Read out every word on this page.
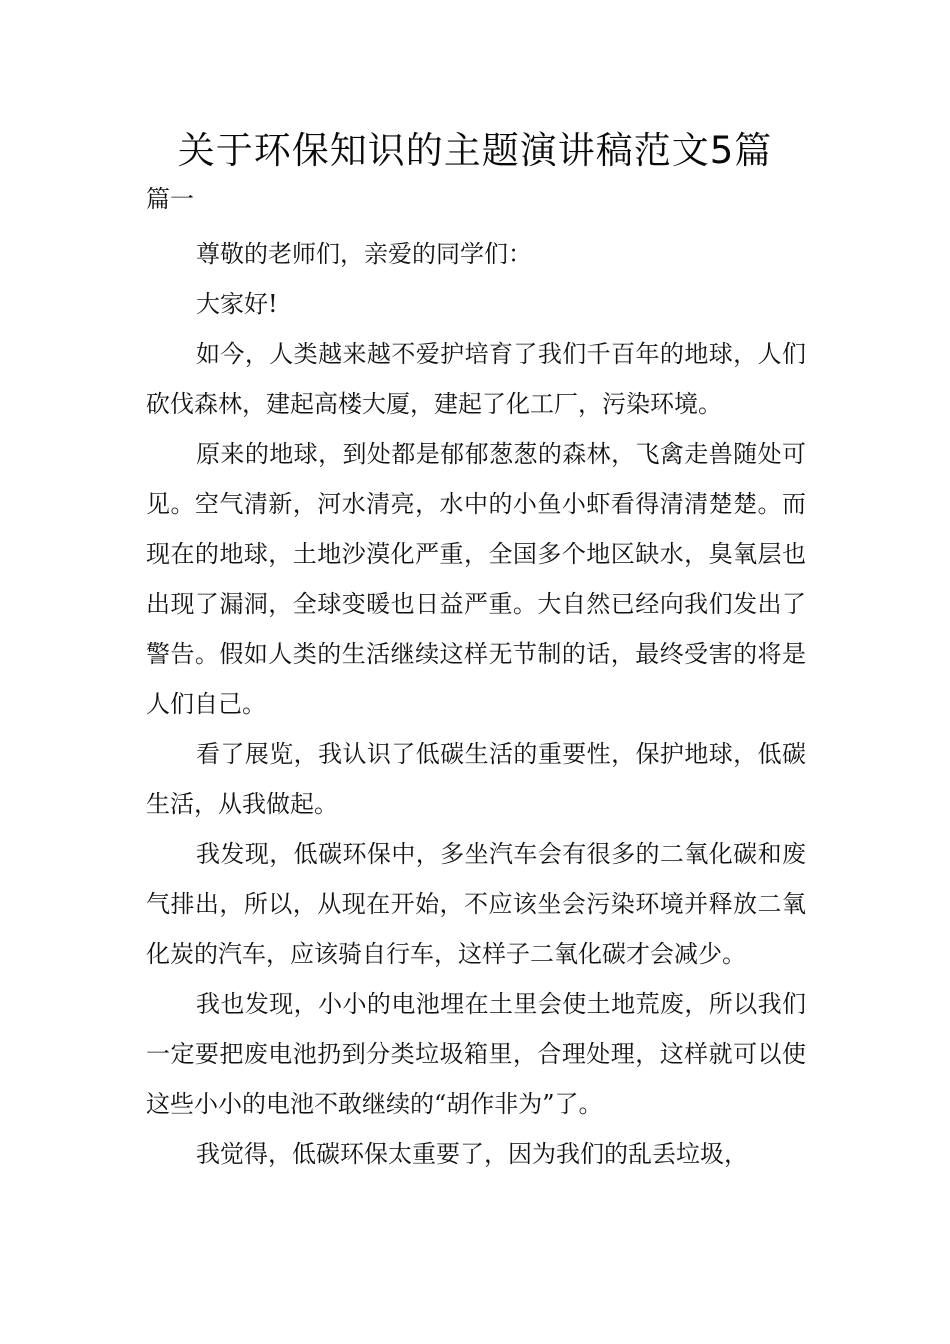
关于环保知识的主题演讲稿范文5篇
篇一

尊敬的老师们，亲爱的同学们：

大家好!

如今，人类越来越不爱护培育了我们千百年的地球，人们砍伐森林，建起高楼大厦，建起了化工厂，污染环境。

原来的地球，到处都是郁郁葱葱的森林，飞禽走兽随处可见。空气清新，河水清亮，水中的小鱼小虾看得清清楚楚。而现在的地球，土地沙漠化严重，全国多个地区缺水，臭氧层也出现了漏洞，全球变暖也日益严重。大自然已经向我们发出了警告。假如人类的生活继续这样无节制的话，最终受害的将是人们自己。

看了展览，我认识了低碳生活的重要性，保护地球，低碳生活，从我做起。

我发现，低碳环保中，多坐汽车会有很多的二氧化碳和废气排出，所以，从现在开始，不应该坐会污染环境并释放二氧化炭的汽车，应该骑自行车，这样子二氧化碳才会减少。

我也发现，小小的电池埋在土里会使土地荒废，所以我们一定要把废电池扔到分类垃圾箱里，合理处理，这样就可以使这些小小的电池不敢继续的“胡作非为”了。

我觉得，低碳环保太重要了，因为我们的乱丢垃圾，
